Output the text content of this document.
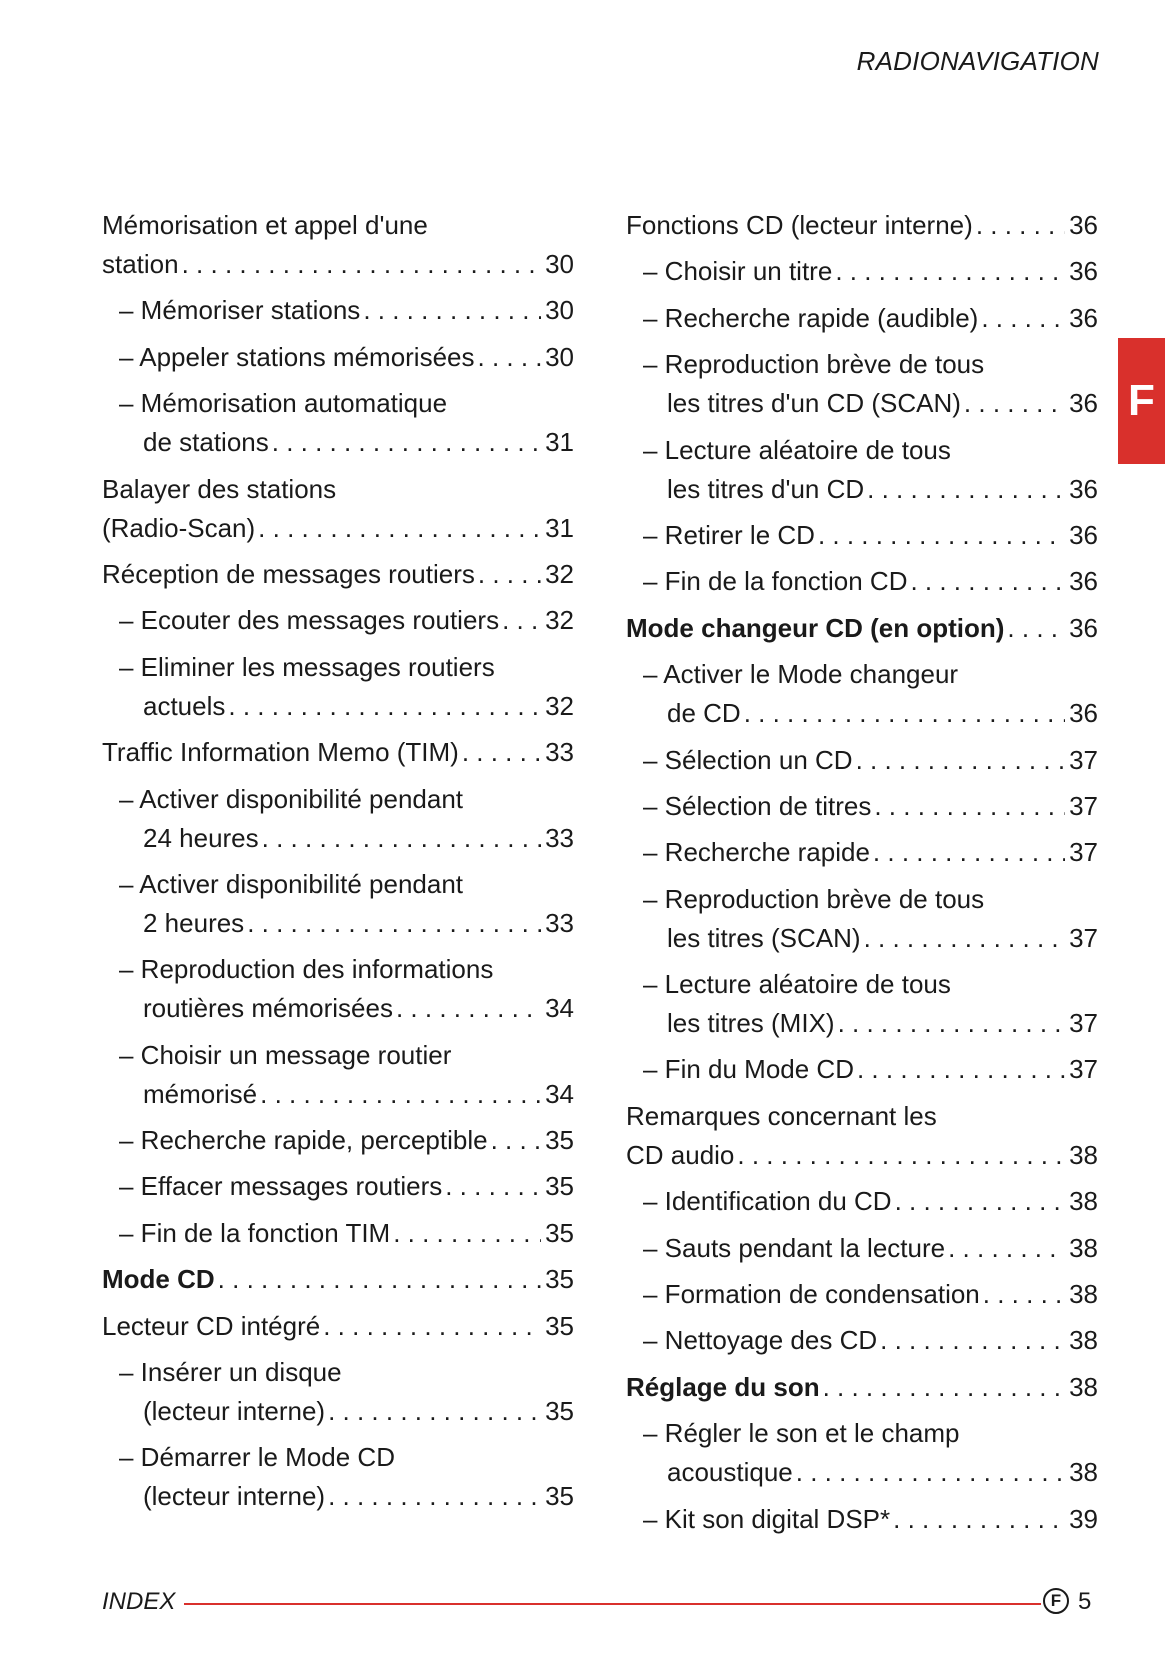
RADIONAVIGATION
Mémorisation et appel d'une
station . . .	30
– Mémoriser stations . . .	30
– Appeler stations mémorisées . . .	30
– Mémorisation automatique
de stations . . .	31
Balayer des stations
(Radio-Scan) . . .	31
Réception de messages routiers . . .	32
– Ecouter des messages routiers . . . 32
– Eliminer les messages routiers
actuels . . .	32
Traffic Information Memo (TIM) . . .	33
– Activer disponibilité pendant
24 heures . . .	33
– Activer disponibilité pendant
2 heures . . .	33
– Reproduction des informations
routières mémorisées . . .	34
– Choisir un message routier
mémorisé . . .	34
– Recherche rapide, perceptible . . . 35
– Effacer messages routiers . . .	35
– Fin de la fonction TIM . . .	35
Mode CD . . .	35
Lecteur CD intégré . . .	35
– Insérer un disque
(lecteur interne) . . .	35
– Démarrer le Mode CD
(lecteur interne) . . .	35
Fonctions CD (lecteur interne) . . .	36
– Choisir un titre . . .	36
– Recherche rapide (audible) . . .	36
– Reproduction brève de tous
les titres d'un CD (SCAN) . . .	36
– Lecture aléatoire de tous
les titres d'un CD . . .	36
– Retirer le CD . . .	36
– Fin de la fonction CD . . .	36
Mode changeur CD (en option) . . . 36
– Activer le Mode changeur
de CD . . .	36
– Sélection un CD . . .	37
– Sélection de titres . . .	37
– Recherche rapide . . .	37
– Reproduction brève de tous
les titres (SCAN) . . .	37
– Lecture aléatoire de tous
les titres (MIX) . . .	37
– Fin du Mode CD . . .	37
Remarques concernant les
CD audio . . .	38
– Identification du CD . . .	38
– Sauts pendant la lecture . . .	38
– Formation de condensation . . .	38
– Nettoyage des CD . . .	38
Réglage du son . . .	38
– Régler le son et le champ
acoustique . . .	38
– Kit son digital DSP* . . .	39
F
INDEX	F 5
